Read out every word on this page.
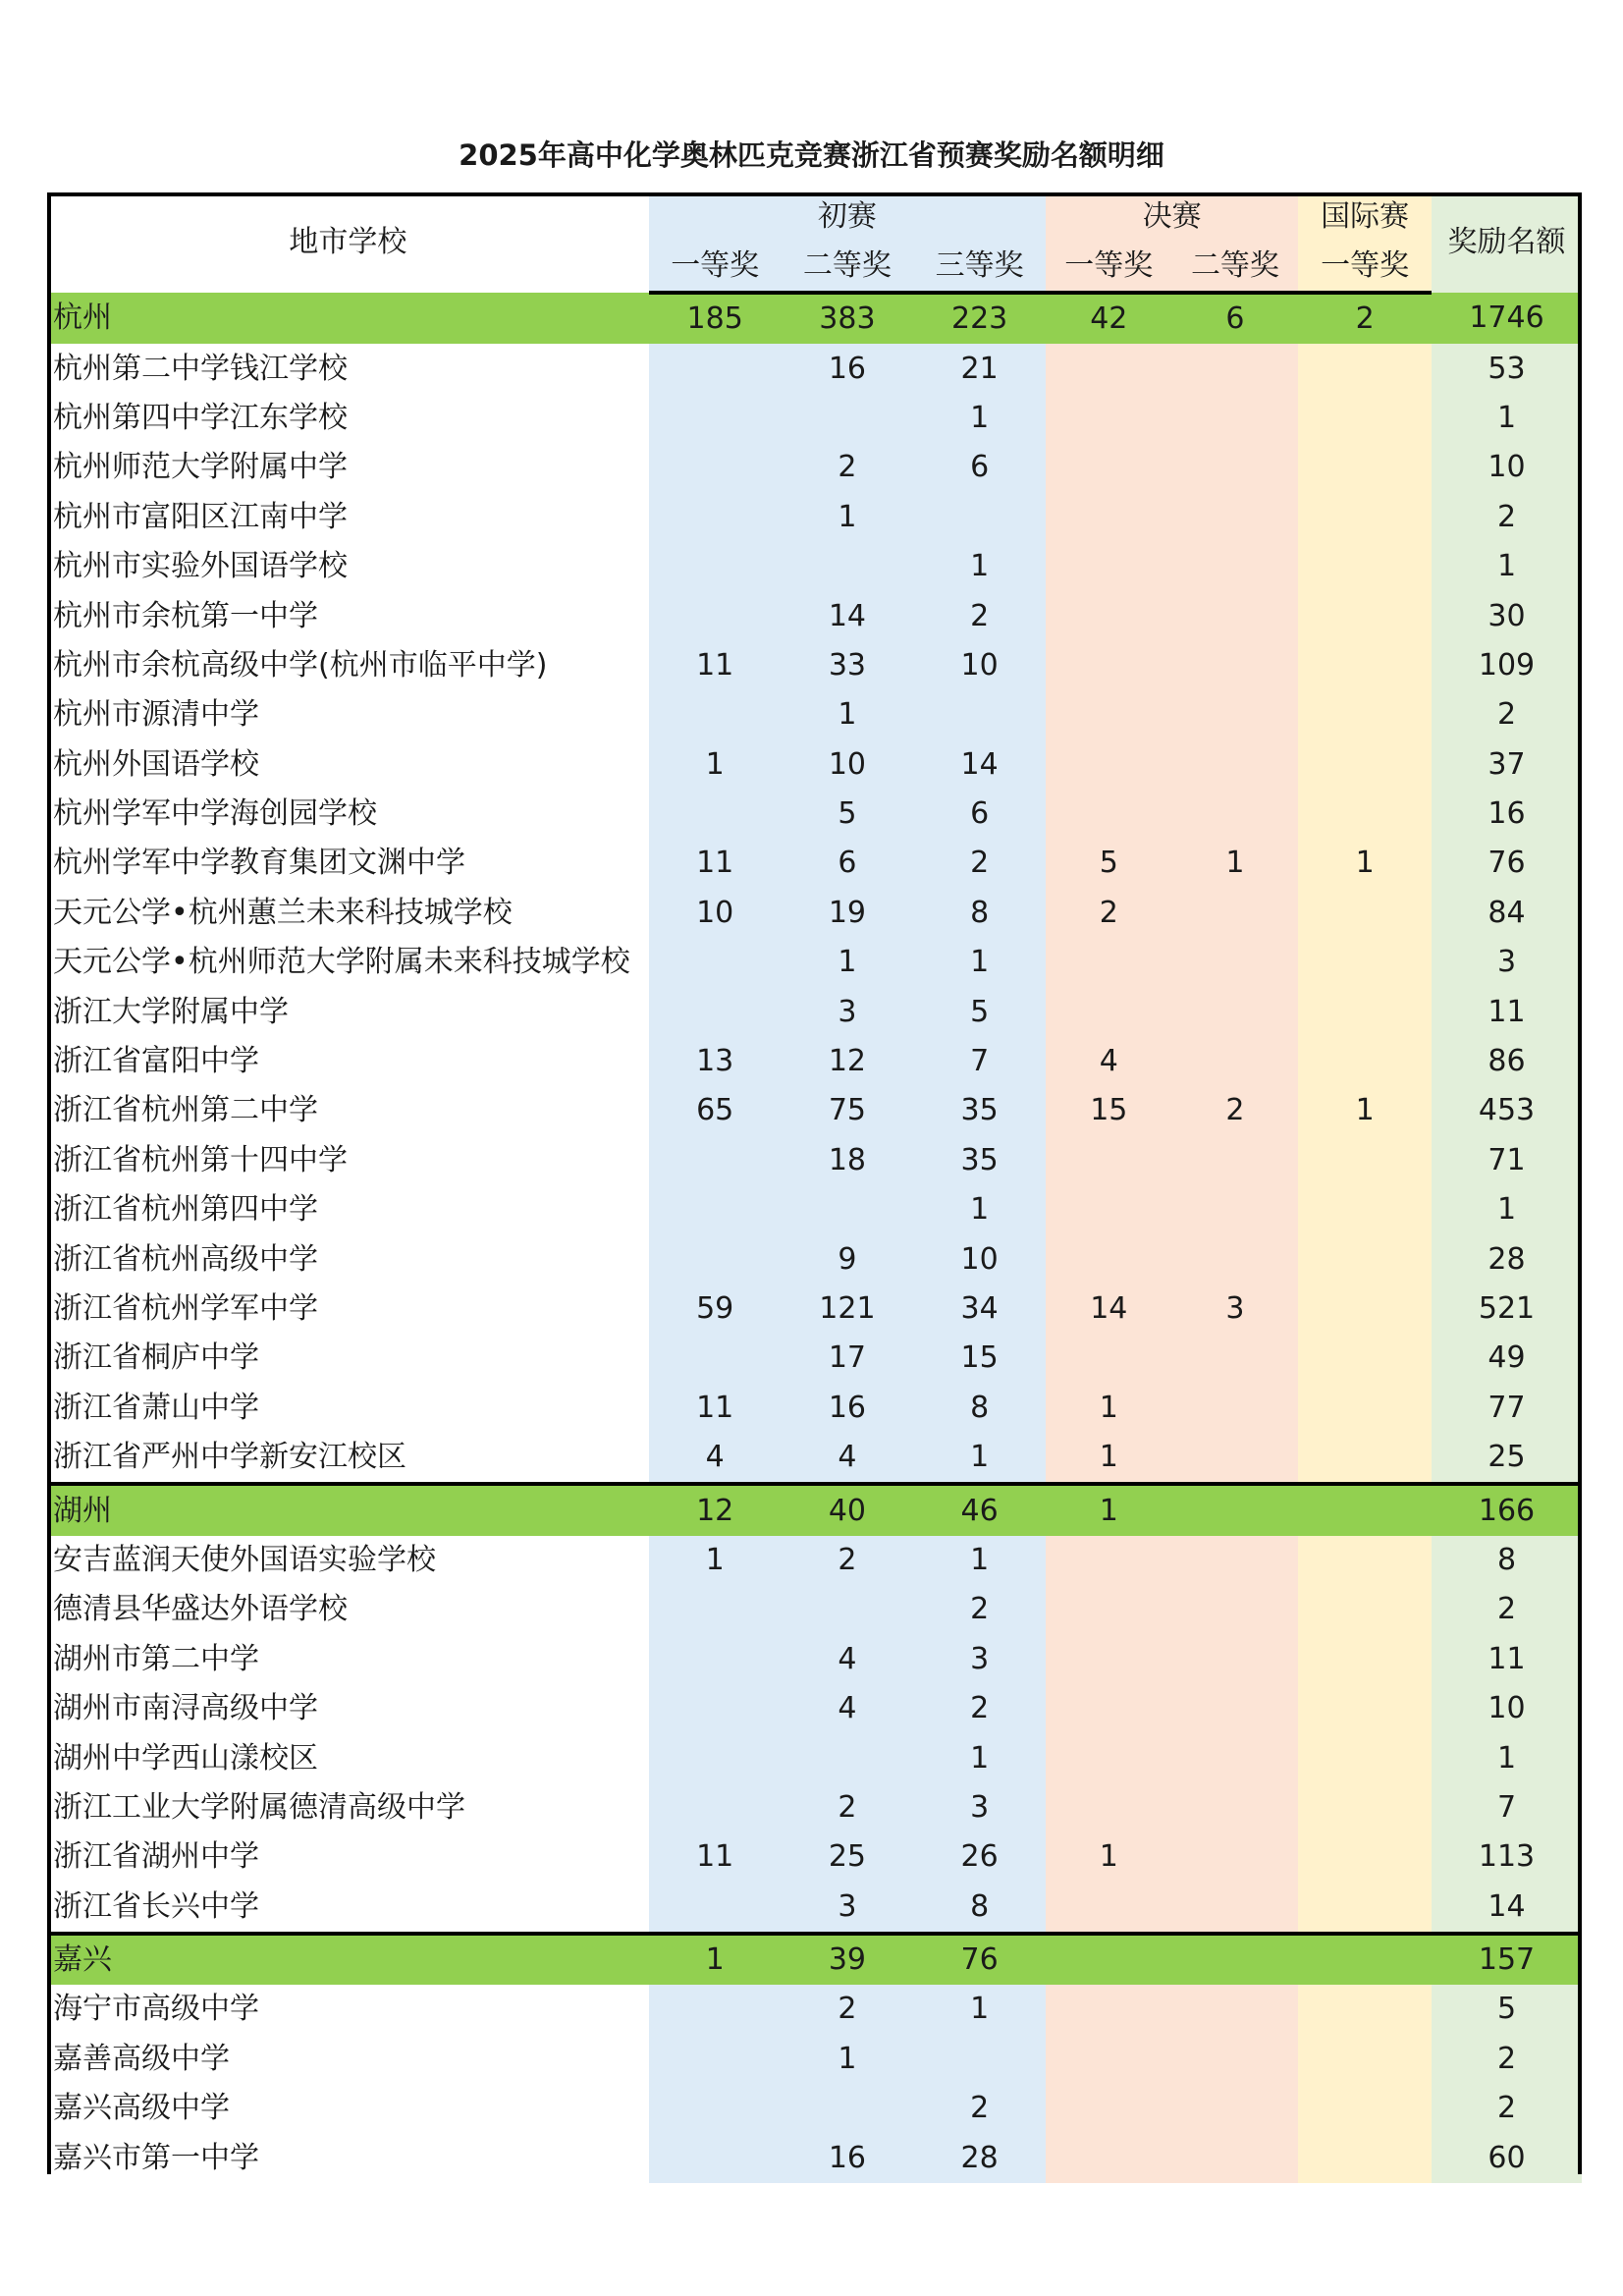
2025年高中化学奥林匹克竞赛浙江省预赛奖励名额明细
地市学校	初赛			决赛		国际赛	奖励名额
	一等奖	二等奖	三等奖	一等奖	二等奖	一等奖	
杭州	185	383	223	42	6	2	1746
杭州第二中学钱江学校		16	21				53
杭州第四中学江东学校			1				1
杭州师范大学附属中学		2	6				10
杭州市富阳区江南中学		1					2
杭州市实验外国语学校			1				1
杭州市余杭第一中学		14	2				30
杭州市余杭高级中学(杭州市临平中学)	11	33	10				109
杭州市源清中学		1					2
杭州外国语学校	1	10	14				37
杭州学军中学海创园学校		5	6				16
杭州学军中学教育集团文渊中学	11	6	2	5	1	1	76
天元公学•杭州蕙兰未来科技城学校	10	19	8	2			84
天元公学•杭州师范大学附属未来科技城学校		1	1				3
浙江大学附属中学		3	5				11
浙江省富阳中学	13	12	7	4			86
浙江省杭州第二中学	65	75	35	15	2	1	453
浙江省杭州第十四中学		18	35				71
浙江省杭州第四中学			1				1
浙江省杭州高级中学		9	10				28
浙江省杭州学军中学	59	121	34	14	3		521
浙江省桐庐中学		17	15				49
浙江省萧山中学	11	16	8	1			77
浙江省严州中学新安江校区	4	4	1	1			25
湖州	12	40	46	1			166
安吉蓝润天使外国语实验学校	1	2	1				8
德清县华盛达外语学校			2				2
湖州市第二中学		4	3				11
湖州市南浔高级中学		4	2				10
湖州中学西山漾校区			1				1
浙江工业大学附属德清高级中学		2	3				7
浙江省湖州中学	11	25	26	1			113
浙江省长兴中学		3	8				14
嘉兴	1	39	76				157
海宁市高级中学		2	1				5
嘉善高级中学		1					2
嘉兴高级中学			2				2
嘉兴市第一中学		16	28				60
